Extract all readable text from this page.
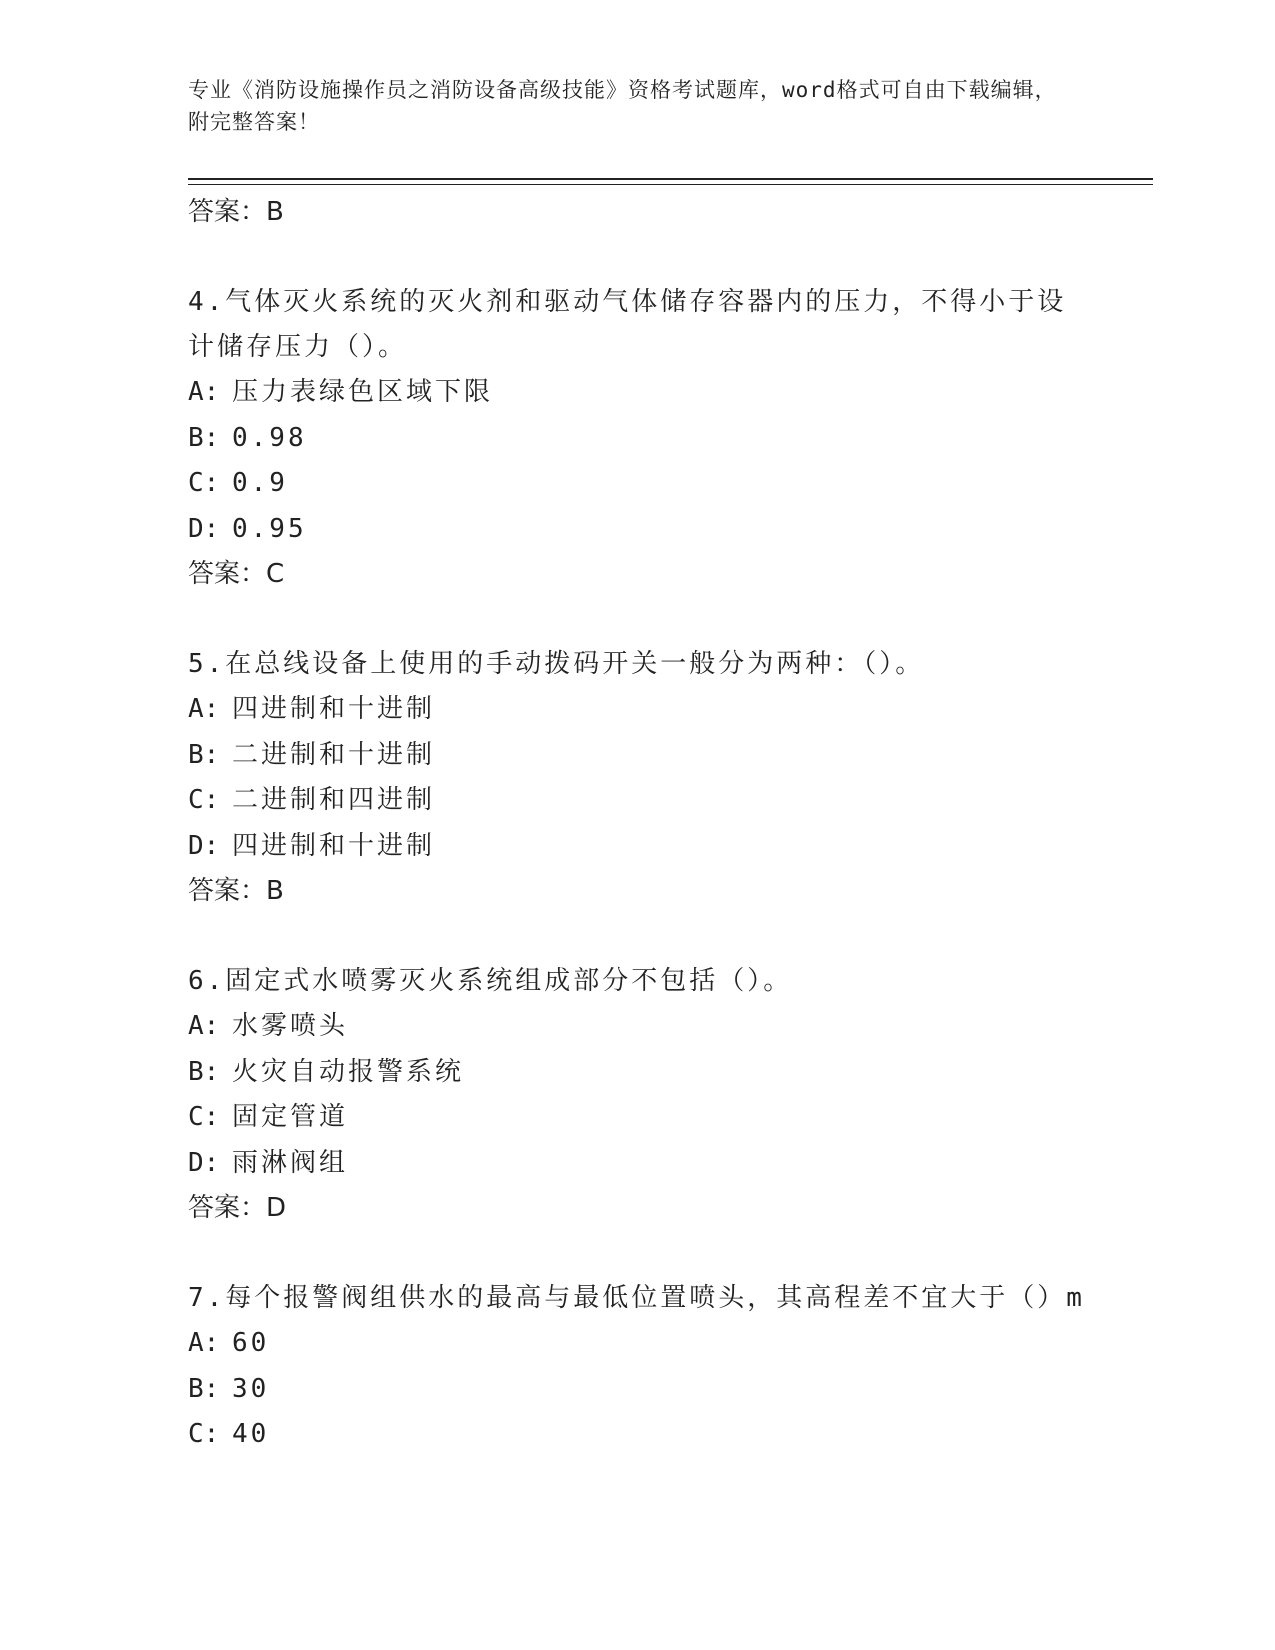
专业《消防设施操作员之消防设备高级技能》资格考试题库，word格式可自由下载编辑，附完整答案！
答案：B

4.气体灭火系统的灭火剂和驱动气体储存容器内的压力，不得小于设计储存压力（）。

A: 压力表绿色区域下限
B: 0.98
C: 0.9
D: 0.95
答案：C

5.在总线设备上使用的手动拨码开关一般分为两种：（）。

A: 四进制和十进制
B: 二进制和十进制
C: 二进制和四进制
D: 四进制和十进制
答案：B

6.固定式水喷雾灭火系统组成部分不包括（）。

A: 水雾喷头
B: 火灾自动报警系统
C: 固定管道
D: 雨淋阀组
答案：D

7.每个报警阀组供水的最高与最低位置喷头，其高程差不宜大于（）m

A: 60
B: 30
C: 40
